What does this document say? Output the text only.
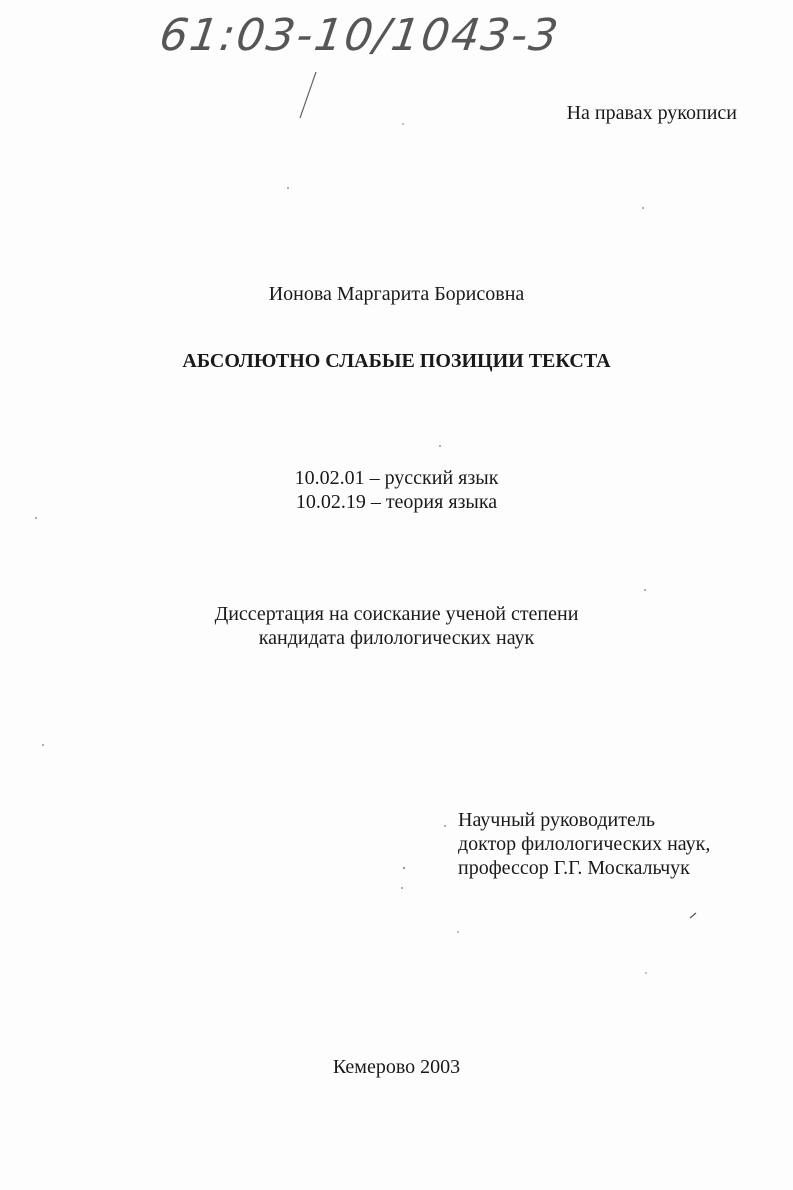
61:03-10/1043-3
На правах рукописи
Ионова Маргарита Борисовна
АБСОЛЮТНО СЛАБЫЕ ПОЗИЦИИ ТЕКСТА
10.02.01 – русский язык
10.02.19 – теория языка
Диссертация на соискание ученой степени
кандидата филологических наук
Научный руководитель
доктор филологических наук,
профессор Г.Г. Москальчук
Кемерово 2003
